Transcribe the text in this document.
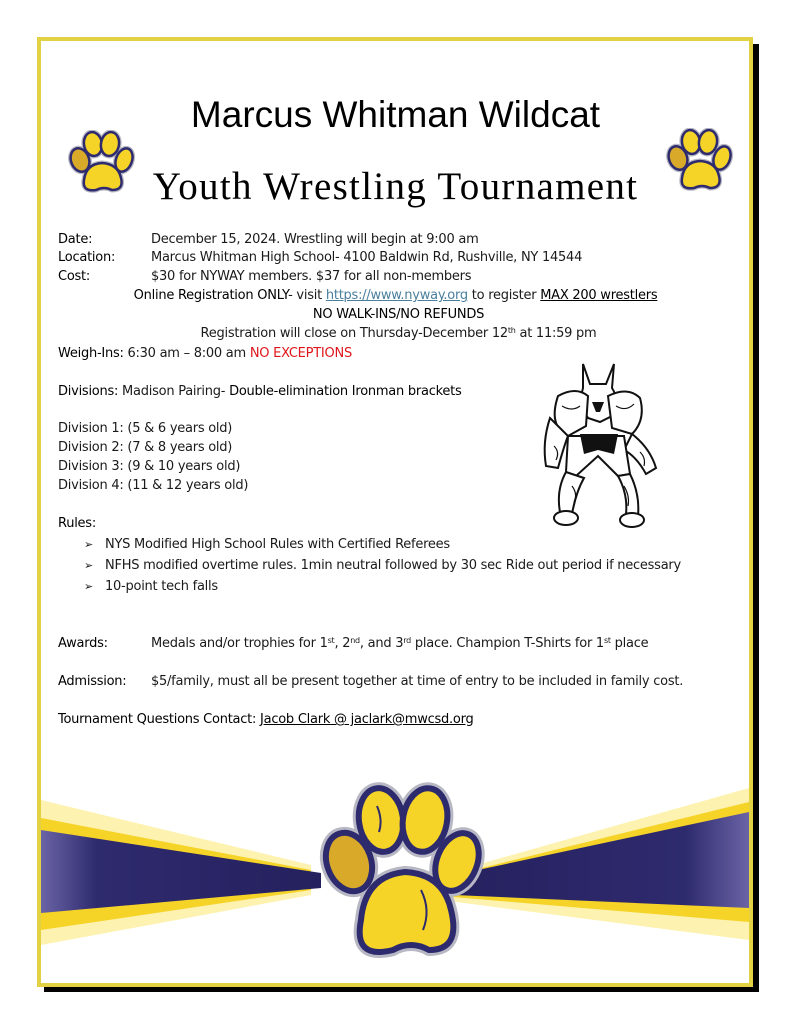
Marcus Whitman Wildcat
Youth Wrestling Tournament
Date:	December 15, 2024. Wrestling will begin at 9:00 am
Location:	Marcus Whitman High School- 4100 Baldwin Rd, Rushville, NY 14544
Cost:	$30 for NYWAY members. $37 for all non-members
Online Registration ONLY- visit https://www.nyway.org to register MAX 200 wrestlers
NO WALK-INS/NO REFUNDS
Registration will close on Thursday-December 12th at 11:59 pm
Weigh-Ins: 6:30 am – 8:00 am NO EXCEPTIONS
Divisions: Madison Pairing- Double-elimination Ironman brackets
Division 1: (5 & 6 years old)
Division 2: (7 & 8 years old)
Division 3: (9 & 10 years old)
Division 4: (11 & 12 years old)
Rules:
➢ NYS Modified High School Rules with Certified Referees
➢ NFHS modified overtime rules. 1min neutral followed by 30 sec Ride out period if necessary
➢ 10-point tech falls
Awards:	Medals and/or trophies for 1st, 2nd, and 3rd place. Champion T-Shirts for 1st place
Admission: $5/family, must all be present together at time of entry to be included in family cost.
Tournament Questions Contact: Jacob Clark @ jaclark@mwcsd.org
